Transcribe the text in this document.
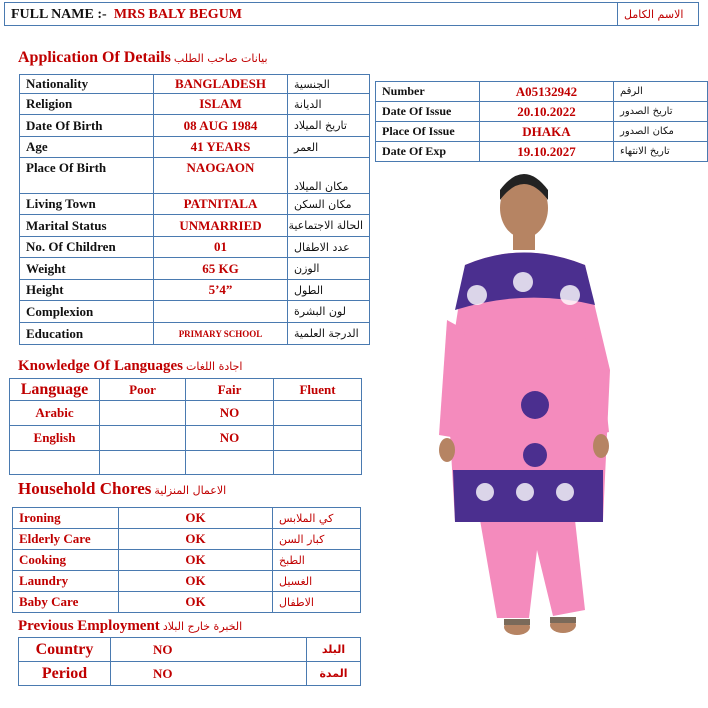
FULL NAME :- MRS BALY BEGUM	الاسم الكامل
Application Of Details بيانات صاحب الطلب
Nationality	BANGLADESH	الجنسية
Religion	ISLAM	الديانة
Date Of Birth	08 AUG 1984	تاريخ الميلاد
Age	41 YEARS	العمر
Place Of Birth	NAOGAON	مكان الميلاد
Living Town	PATNITALA	مكان السكن
Marital Status	UNMARRIED	الحالة الاجتماعية
No. Of Children	01	عدد الاطفال
Weight	65 KG	الوزن
Height	5’4”	الطول
Complexion		لون البشرة
Education	PRIMARY SCHOOL	الدرجة العلمية
Number	A05132942	الرقم
Date Of Issue	20.10.2022	تاريخ الصدور
Place Of Issue	DHAKA	مكان الصدور
Date Of Exp	19.10.2027	تاريخ الانتهاء
Knowledge Of Languages اجادة اللغات
Language	Poor	Fair	Fluent
Arabic		NO	
English		NO	

Household Chores الاعمال المنزلية
Ironing	OK	كي الملابس
Elderly Care	OK	كبار السن
Cooking	OK	الطبخ
Laundry	OK	الغسيل
Baby Care	OK	الاطفال
Previous Employment الخبرة خارج البلاد
Country	NO	البلد
Period	NO	المدة
